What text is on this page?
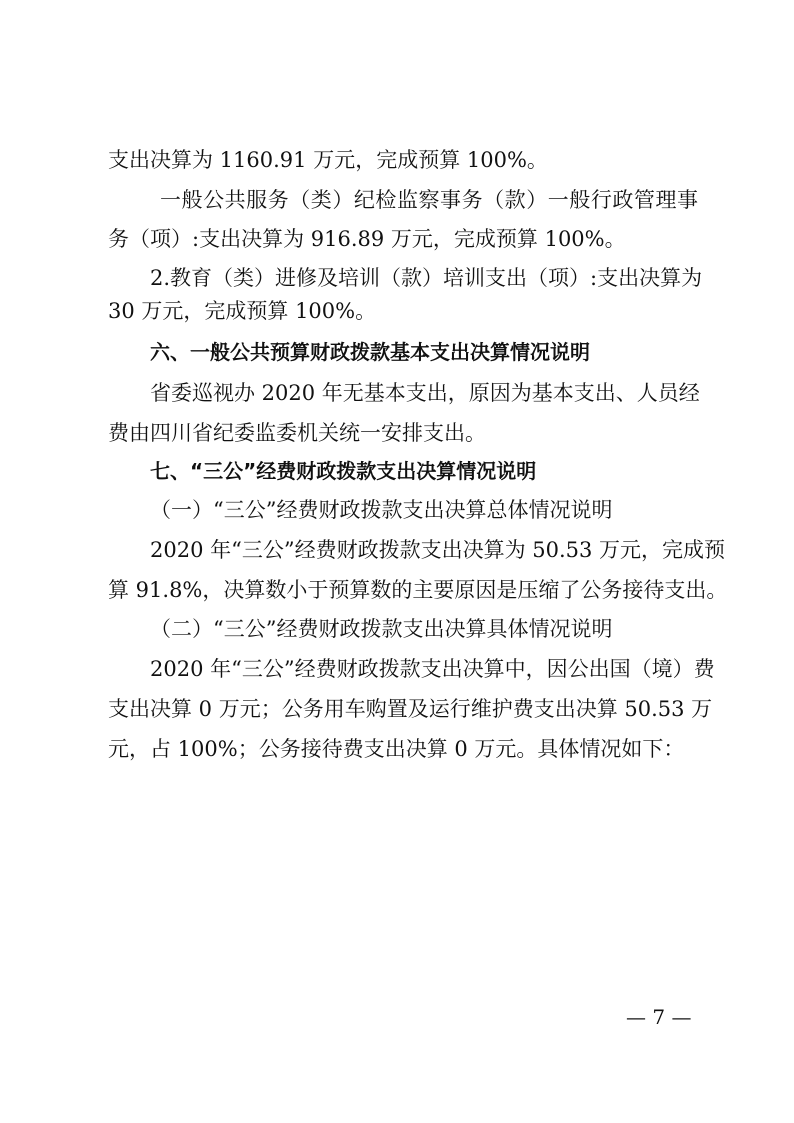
支出决算为 1160.91 万元，完成预算 100%。
一般公共服务（类）纪检监察事务（款）一般行政管理事
务（项）:支出决算为 916.89 万元，完成预算 100%。
2.教育（类）进修及培训（款）培训支出（项）:支出决算为
30 万元，完成预算 100%。
六、一般公共预算财政拨款基本支出决算情况说明
省委巡视办 2020 年无基本支出，原因为基本支出、人员经
费由四川省纪委监委机关统一安排支出。
七、“三公”经费财政拨款支出决算情况说明
（一）“三公”经费财政拨款支出决算总体情况说明
2020 年“三公”经费财政拨款支出决算为 50.53 万元，完成预
算 91.8%，决算数小于预算数的主要原因是压缩了公务接待支出。
（二）“三公”经费财政拨款支出决算具体情况说明
2020 年“三公”经费财政拨款支出决算中，因公出国（境）费
支出决算 0 万元；公务用车购置及运行维护费支出决算 50.53 万
元，占 100%；公务接待费支出决算 0 万元。具体情况如下：
— 7 —
